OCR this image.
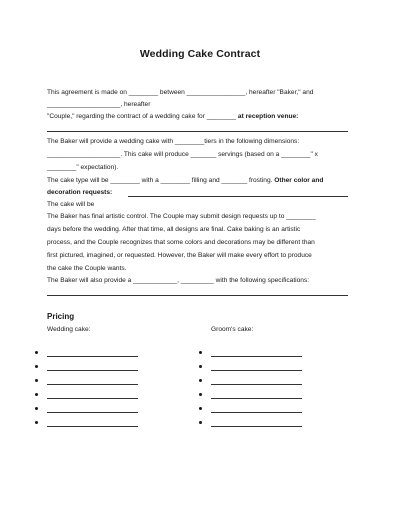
Wedding Cake Contract
This agreement is made on ________ between ________________, hereafter "Baker," and
____________________, hereafter
"Couple," regarding the contract of a wedding cake for ________ at reception venue:
The Baker will provide a wedding cake with ________tiers in the following dimensions:
____________________. This cake will produce _______ servings (based on a ________" x
________" expectation).
The cake type will be ________ with a ________ filling and _______ frosting. Other color and
decoration requests:
The cake will be
The Baker has final artistic control. The Couple may submit design requests up to ________
days before the wedding. After that time, all designs are final. Cake baking is an artistic
process, and the Couple recognizes that some colors and decorations may be different than
first pictured, imagined, or requested. However, the Baker will make every effort to produce
the cake the Couple wants.
The Baker will also provide a ____________, _________ with the following specifications:
Pricing
Wedding cake:	Groom's cake:
